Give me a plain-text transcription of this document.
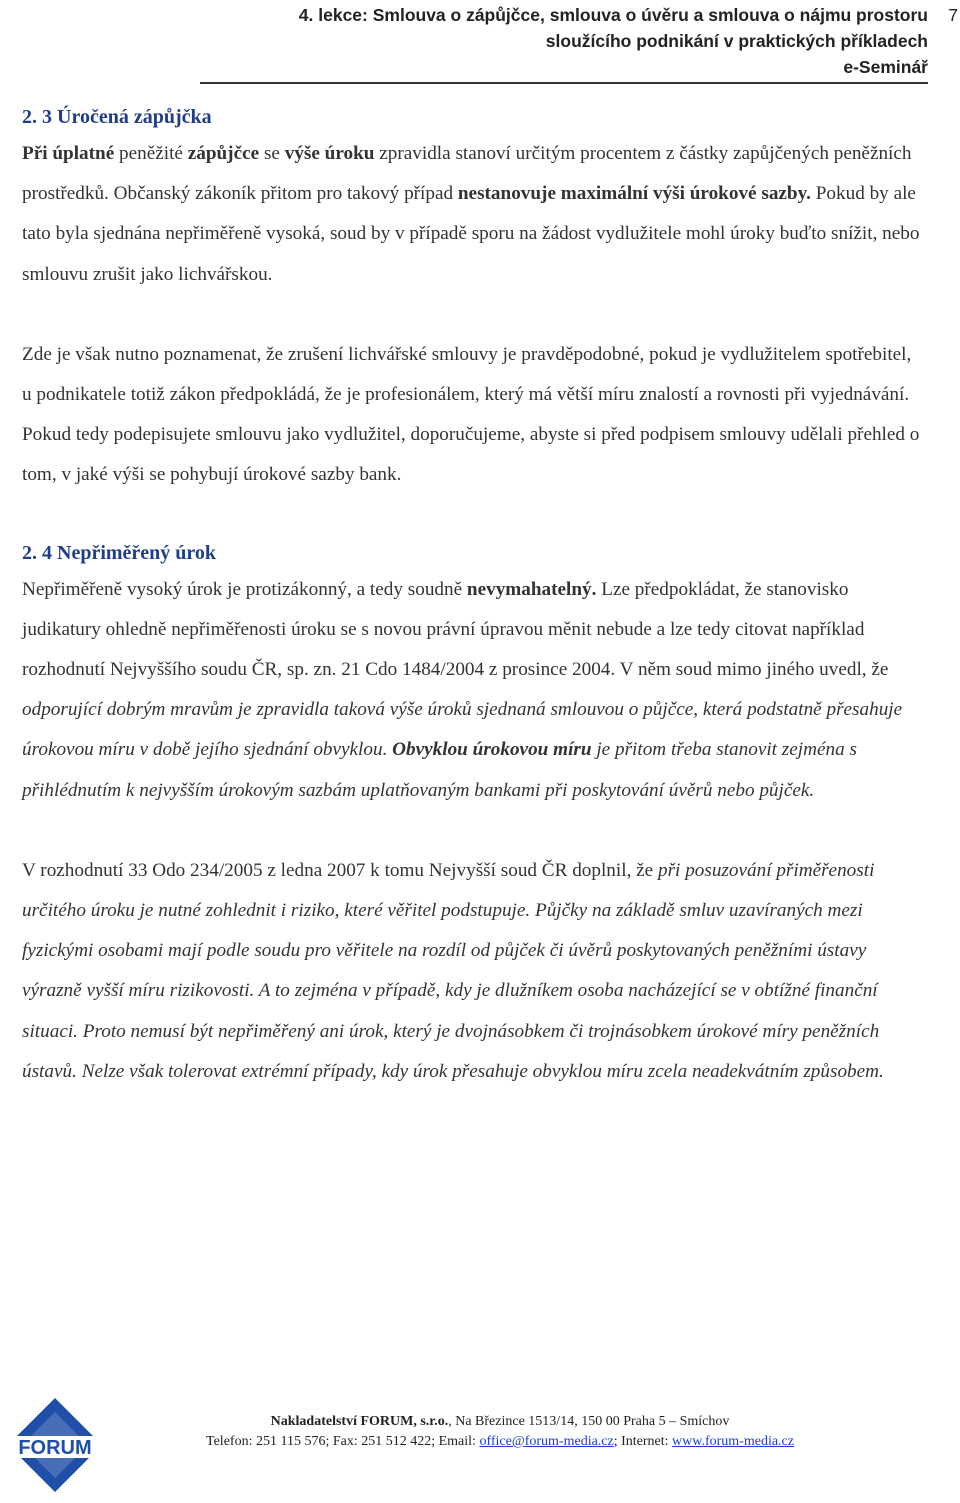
4. lekce: Smlouva o zápůjčce, smlouva o úvěru a smlouva o nájmu prostoru
sloužícího podnikání v praktických příkladech
e-Seminář
7
2. 3 Úročená zápůjčka

Při úplatné peněžité zápůjčce se výše úroku zpravidla stanoví určitým procentem z částky zapůjčených peněžních prostředků. Občanský zákoník přitom pro takový případ nestanovuje maximální výši úrokové sazby. Pokud by ale tato byla sjednána nepřiměřeně vysoká, soud by v případě sporu na žádost vydlužitele mohl úroky buďto snížit, nebo smlouvu zrušit jako lichvářskou.

Zde je však nutno poznamenat, že zrušení lichvářské smlouvy je pravděpodobné, pokud je vydlužitelem spotřebitel, u podnikatele totiž zákon předpokládá, že je profesionálem, který má větší míru znalostí a rovnosti při vyjednávání. Pokud tedy podepisujete smlouvu jako vydlužitel, doporučujeme, abyste si před podpisem smlouvy udělali přehled o tom, v jaké výši se pohybují úrokové sazby bank.

2. 4 Nepřiměřený úrok

Nepřiměřeně vysoký úrok je protizákonný, a tedy soudně nevymahatelný. Lze předpokládat, že stanovisko judikatury ohledně nepřiměřenosti úroku se s novou právní úpravou měnit nebude a lze tedy citovat například rozhodnutí Nejvyššího soudu ČR, sp. zn. 21 Cdo 1484/2004 z prosince 2004. V něm soud mimo jiného uvedl, že odporující dobrým mravům je zpravidla taková výše úroků sjednaná smlouvou o půjčce, která podstatně přesahuje úrokovou míru v době jejího sjednání obvyklou. Obvyklou úrokovou míru je přitom třeba stanovit zejména s přihlédnutím k nejvyšším úrokovým sazbám uplatňovaným bankami při poskytování úvěrů nebo půjček.

V rozhodnutí 33 Odo 234/2005 z ledna 2007 k tomu Nejvyšší soud ČR doplnil, že při posuzování přiměřenosti určitého úroku je nutné zohlednit i riziko, které věřitel podstupuje. Půjčky na základě smluv uzavíraných mezi fyzickými osobami mají podle soudu pro věřitele na rozdíl od půjček či úvěrů poskytovaných peněžními ústavy výrazně vyšší míru rizikovosti. A to zejména v případě, kdy je dlužníkem osoba nacházející se v obtížné finanční situaci. Proto nemusí být nepřiměřený ani úrok, který je dvojnásobkem či trojnásobkem úrokové míry peněžních ústavů. Nelze však tolerovat extrémní případy, kdy úrok přesahuje obvyklou míru zcela neadekvátním způsobem.

FORUM
Nakladatelství FORUM, s.r.o., Na Březince 1513/14, 150 00 Praha 5 – Smíchov
Telefon: 251 115 576; Fax: 251 512 422; Email: office@forum-media.cz; Internet: www.forum-media.cz
